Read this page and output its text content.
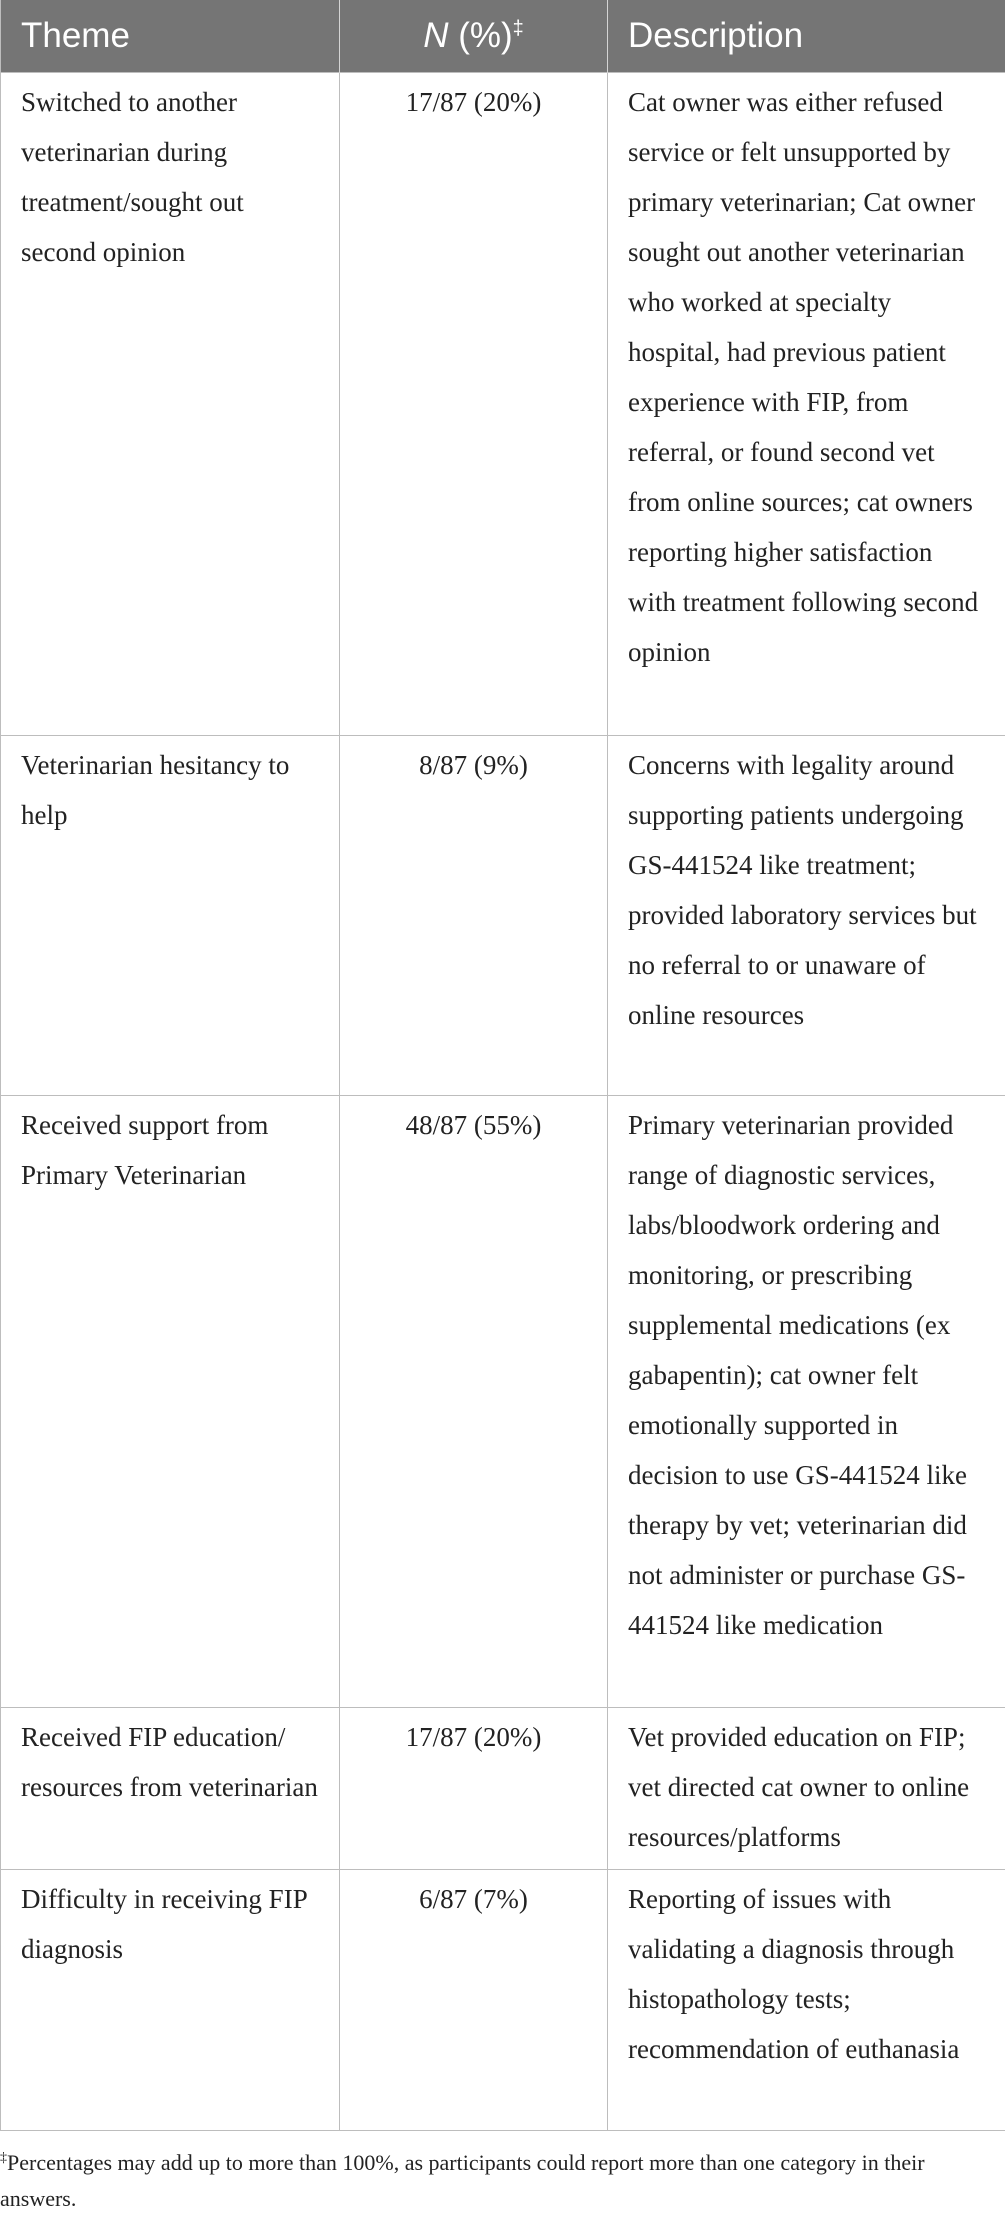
Theme	N (%)‡	Description
Switched to another veterinarian during treatment/sought out second opinion	17/87 (20%)	Cat owner was either refused service or felt unsupported by primary veterinarian; Cat owner sought out another veterinarian who worked at specialty hospital, had previous patient experience with FIP, from referral, or found second vet from online sources; cat owners reporting higher satisfaction with treatment following second opinion
Veterinarian hesitancy to help	8/87 (9%)	Concerns with legality around supporting patients undergoing GS-441524 like treatment; provided laboratory services but no referral to or unaware of online resources
Received support from Primary Veterinarian	48/87 (55%)	Primary veterinarian provided range of diagnostic services, labs/bloodwork ordering and monitoring, or prescribing supplemental medications (ex gabapentin); cat owner felt emotionally supported in decision to use GS-441524 like therapy by vet; veterinarian did not administer or purchase GS-441524 like medication
Received FIP education/ resources from veterinarian	17/87 (20%)	Vet provided education on FIP; vet directed cat owner to online resources/platforms
Difficulty in receiving FIP diagnosis	6/87 (7%)	Reporting of issues with validating a diagnosis through histopathology tests; recommendation of euthanasia

‡Percentages may add up to more than 100%, as participants could report more than one category in their answers.
